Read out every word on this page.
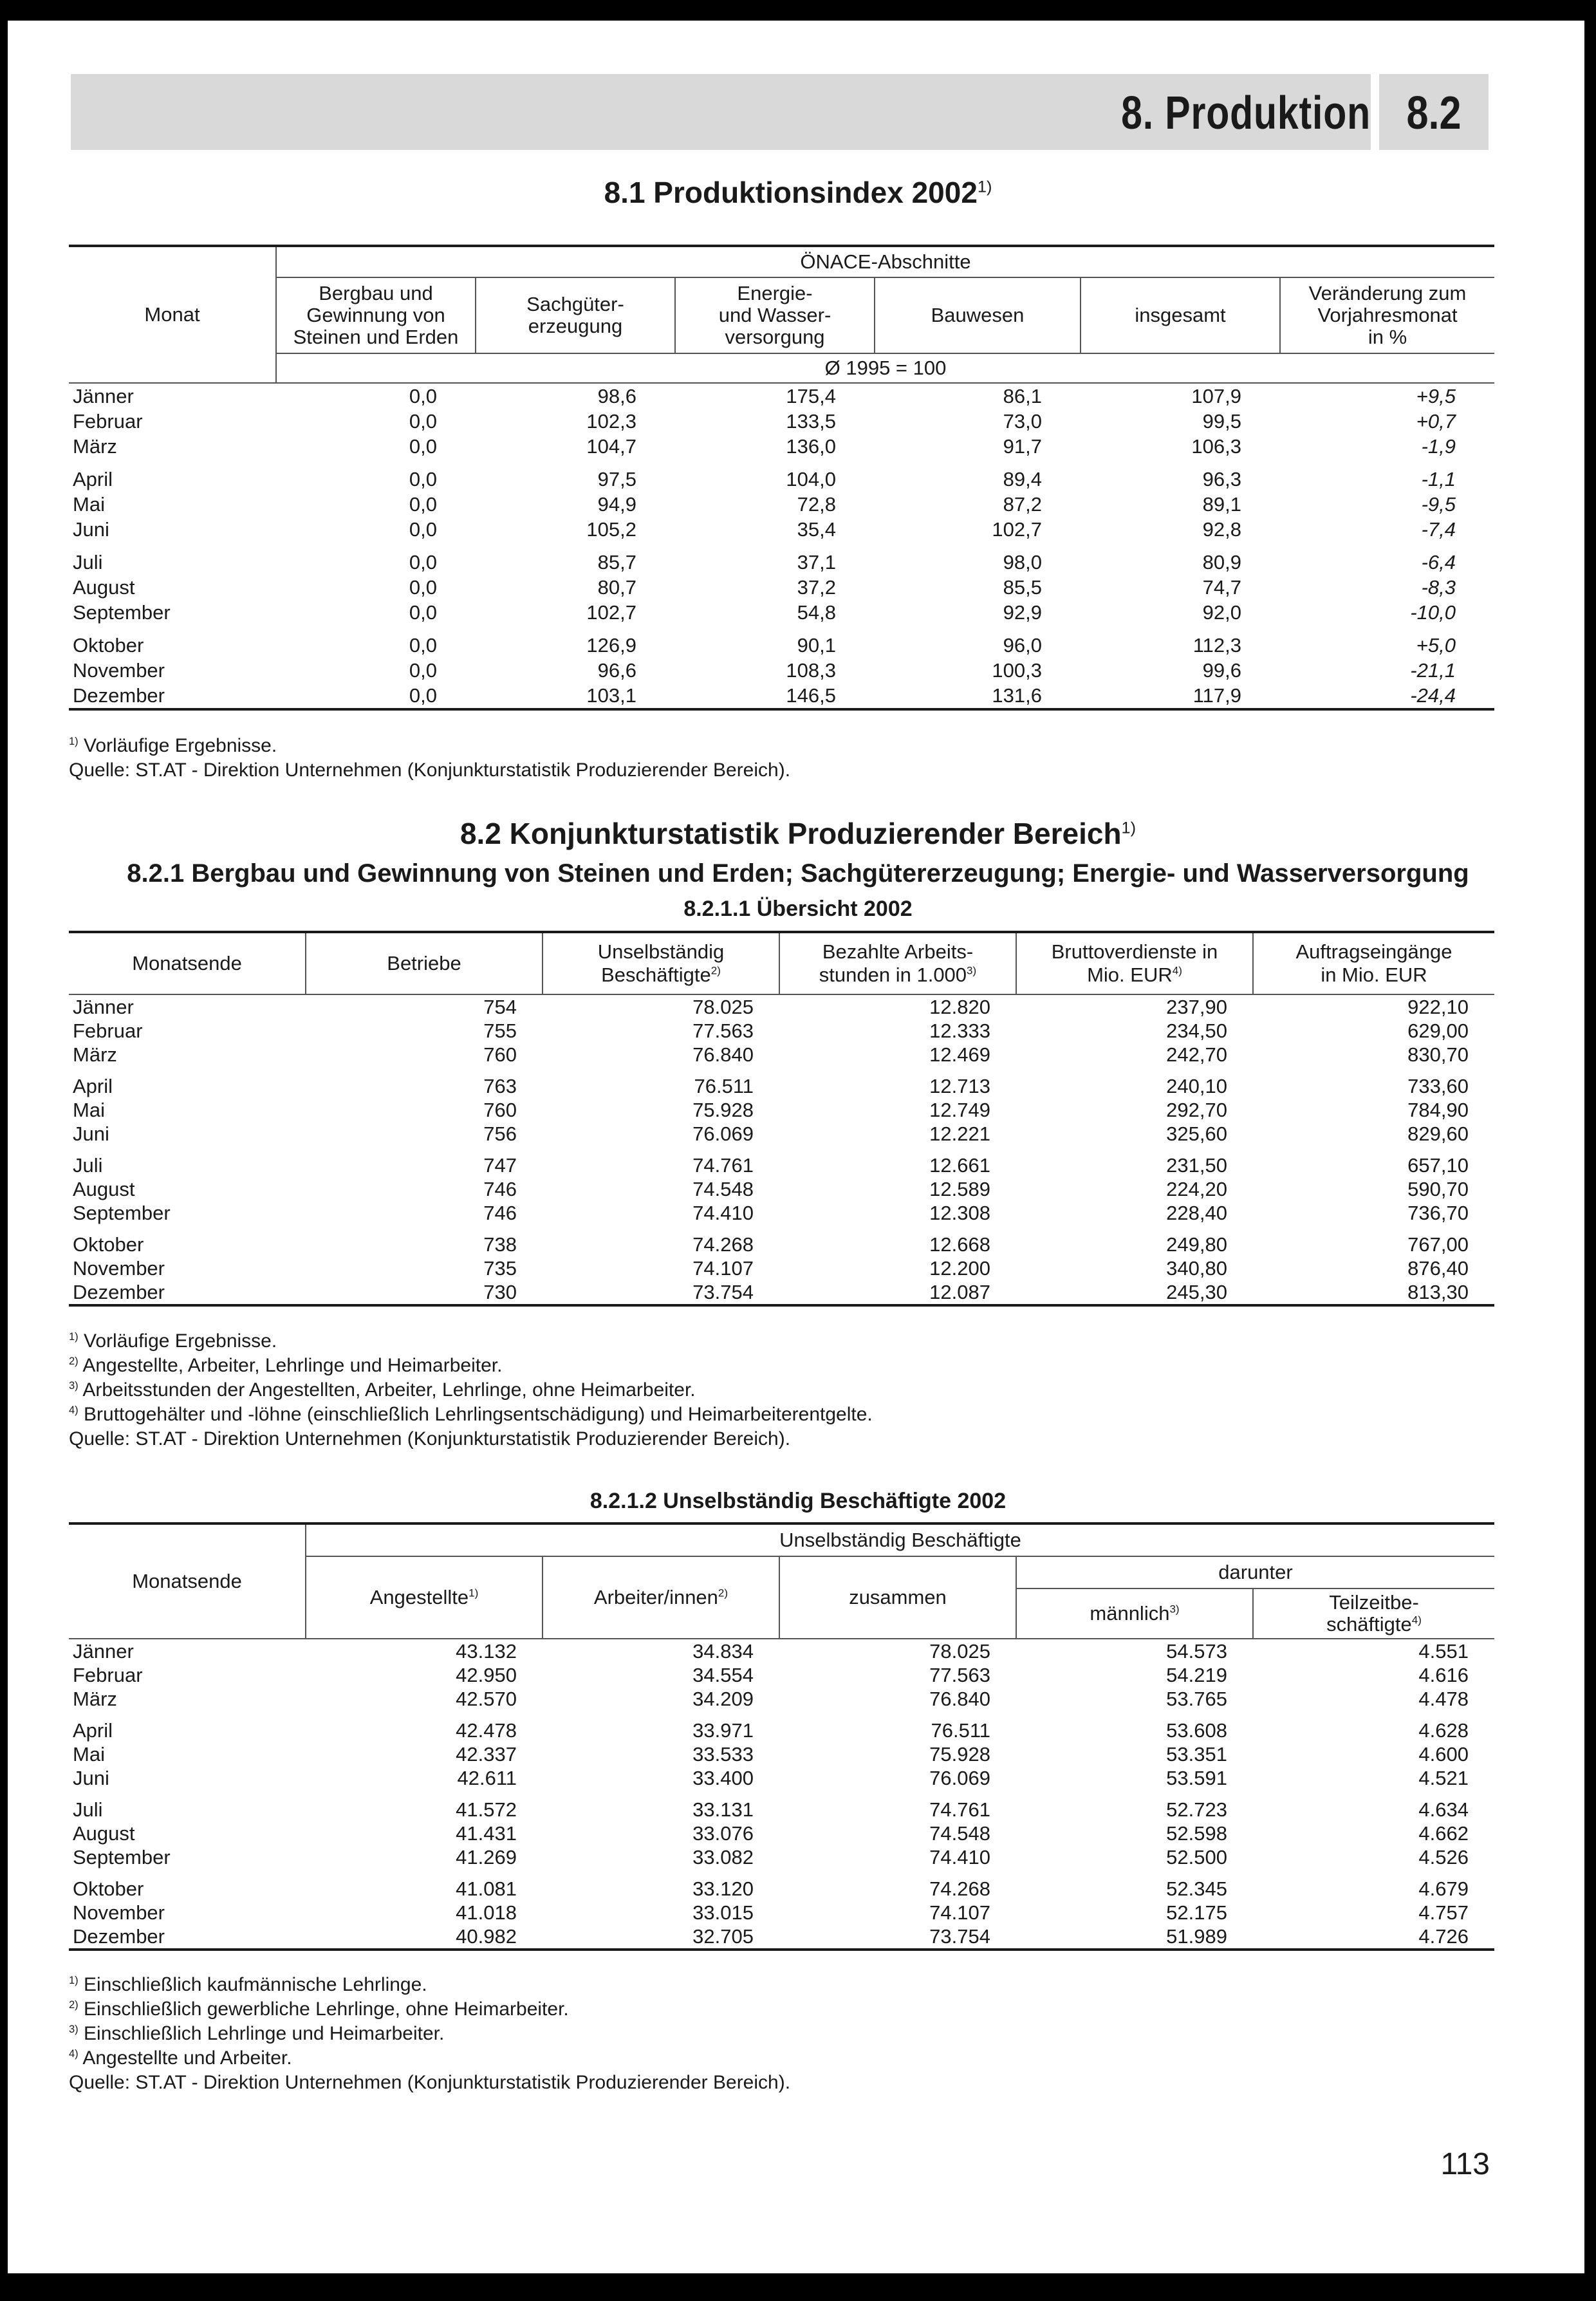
8. Produktion 8.2
8.1 Produktionsindex 2002$^{1)}$
Monat	ÖNACE-Abschnitte					
	Bergbau und
Gewinnung von
Steinen und Erden	Sachgüter-
erzeugung	Energie-
und Wasser-
versorgung	Bauwesen	insgesamt	Veränderung zum
Vorjahresmonat
in %
	Ø 1995 = 100					
Jänner	0,0	98,6	175,4	86,1	107,9	+9,5
Februar	0,0	102,3	133,5	73,0	99,5	+0,7
März	0,0	104,7	136,0	91,7	106,3	-1,9
April	0,0	97,5	104,0	89,4	96,3	-1,1
Mai	0,0	94,9	72,8	87,2	89,1	-9,5
Juni	0,0	105,2	35,4	102,7	92,8	-7,4
Juli	0,0	85,7	37,1	98,0	80,9	-6,4
August	0,0	80,7	37,2	85,5	74,7	-8,3
September	0,0	102,7	54,8	92,9	92,0	-10,0
Oktober	0,0	126,9	90,1	96,0	112,3	+5,0
November	0,0	96,6	108,3	100,3	99,6	-21,1
Dezember	0,0	103,1	146,5	131,6	117,9	-24,4
$^{1)}$ Vorläufige Ergebnisse.
Quelle: ST.AT - Direktion Unternehmen (Konjunkturstatistik Produzierender Bereich).
8.2 Konjunkturstatistik Produzierender Bereich$^{1)}$
8.2.1 Bergbau und Gewinnung von Steinen und Erden; Sachgütererzeugung; Energie- und Wasserversorgung
8.2.1.1 Übersicht 2002
Monatsende	Betriebe	Unselbständig
Beschäftigte$^{2)}$	Bezahlte Arbeits-
stunden in 1.000$^{3)}$	Bruttoverdienste in
Mio. EUR$^{4)}$	Auftragseingänge
in Mio. EUR
Jänner	754	78.025	12.820	237,90	922,10
Februar	755	77.563	12.333	234,50	629,00
März	760	76.840	12.469	242,70	830,70
April	763	76.511	12.713	240,10	733,60
Mai	760	75.928	12.749	292,70	784,90
Juni	756	76.069	12.221	325,60	829,60
Juli	747	74.761	12.661	231,50	657,10
August	746	74.548	12.589	224,20	590,70
September	746	74.410	12.308	228,40	736,70
Oktober	738	74.268	12.668	249,80	767,00
November	735	74.107	12.200	340,80	876,40
Dezember	730	73.754	12.087	245,30	813,30
$^{1)}$ Vorläufige Ergebnisse.
$^{2)}$ Angestellte, Arbeiter, Lehrlinge und Heimarbeiter.
$^{3)}$ Arbeitsstunden der Angestellten, Arbeiter, Lehrlinge, ohne Heimarbeiter.
$^{4)}$ Bruttogehälter und -löhne (einschließlich Lehrlingsentschädigung) und Heimarbeiterentgelte.
Quelle: ST.AT - Direktion Unternehmen (Konjunkturstatistik Produzierender Bereich).
8.2.1.2 Unselbständig Beschäftigte 2002
Monatsende	Unselbständig Beschäftigte				
	Angestellte$^{1)}$	Arbeiter/innen$^{2)}$	zusammen	darunter	
				männlich$^{3)}$	Teilzeitbe-
schäftigte$^{4)}$
Jänner	43.132	34.834	78.025	54.573	4.551
Februar	42.950	34.554	77.563	54.219	4.616
März	42.570	34.209	76.840	53.765	4.478
April	42.478	33.971	76.511	53.608	4.628
Mai	42.337	33.533	75.928	53.351	4.600
Juni	42.611	33.400	76.069	53.591	4.521
Juli	41.572	33.131	74.761	52.723	4.634
August	41.431	33.076	74.548	52.598	4.662
September	41.269	33.082	74.410	52.500	4.526
Oktober	41.081	33.120	74.268	52.345	4.679
November	41.018	33.015	74.107	52.175	4.757
Dezember	40.982	32.705	73.754	51.989	4.726
$^{1)}$ Einschließlich kaufmännische Lehrlinge.
$^{2)}$ Einschließlich gewerbliche Lehrlinge, ohne Heimarbeiter.
$^{3)}$ Einschließlich Lehrlinge und Heimarbeiter.
$^{4)}$ Angestellte und Arbeiter.
Quelle: ST.AT - Direktion Unternehmen (Konjunkturstatistik Produzierender Bereich).
113
